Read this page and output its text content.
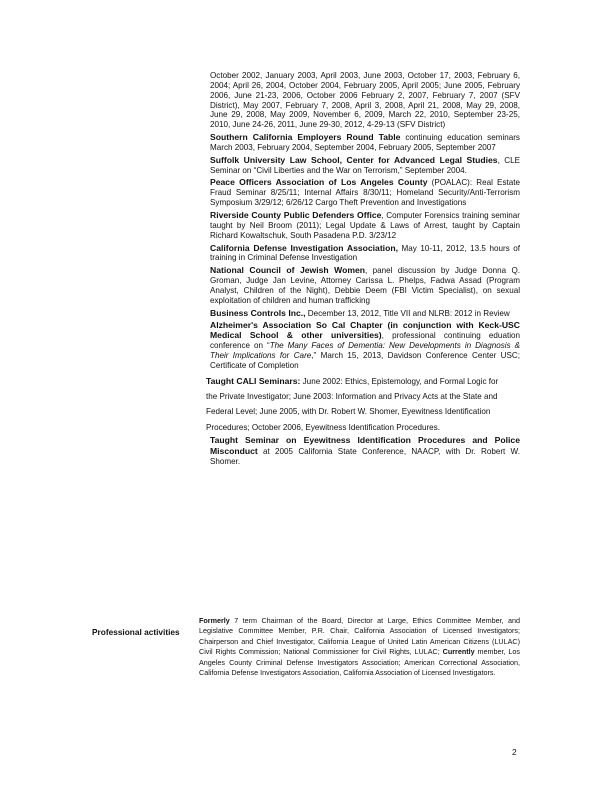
October 2002, January 2003, April 2003, June 2003, October 17, 2003, February 6, 2004; April 26, 2004, October 2004, February 2005, April 2005; June 2005, February 2006, June 21-23, 2006, October 2006 February 2, 2007, February 7, 2007 (SFV District), May 2007, February 7, 2008, April 3, 2008, April 21, 2008, May 29, 2008, June 29, 2008, May 2009, November 6, 2009, March 22, 2010, September 23-25, 2010, June 24-26, 2011, June 29-30, 2012, 4-29-13 (SFV District)
Southern California Employers Round Table continuing education seminars March 2003, February 2004, September 2004, February 2005, September 2007
Suffolk University Law School, Center for Advanced Legal Studies, CLE Seminar on “Civil Liberties and the War on Terrorism,” September 2004.
Peace Officers Association of Los Angeles County (POALAC): Real Estate Fraud Seminar 8/25/11; Internal Affairs 8/30/11; Homeland Security/Anti-Terrorism Symposium 3/29/12; 6/26/12 Cargo Theft Prevention and Investigations
Riverside County Public Defenders Office, Computer Forensics training seminar taught by Neil Broom (2011); Legal Update & Laws of Arrest, taught by Captain Richard Kowaltschuk, South Pasadena P.D. 3/23/12
California Defense Investigation Association, May 10-11, 2012, 13.5 hours of training in Criminal Defense Investigation
National Council of Jewish Women, panel discussion by Judge Donna Q. Groman, Judge Jan Levine, Attorney Carissa L. Phelps, Fadwa Assad (Program Analyst, Children of the Night), Debbie Deem (FBI Victim Specialist), on sexual exploitation of children and human trafficking
Business Controls Inc., December 13, 2012, Title VII and NLRB: 2012 in Review
Alzheimer's Association So Cal Chapter (in conjunction with Keck-USC Medical School & other universities), professional continuing eduation conference on “The Many Faces of Dementia: New Developments in Diagnosis & Their Implications for Care,” March 15, 2013, Davidson Conference Center USC; Certificate of Completion
Taught CALI Seminars: June 2002: Ethics, Epistemology, and Formal Logic for the Private Investigator; June 2003: Information and Privacy Acts at the State and Federal Level; June 2005, with Dr. Robert W. Shomer, Eyewitness Identification Procedures; October 2006, Eyewitness Identification Procedures.
Taught Seminar on Eyewitness Identification Procedures and Police Misconduct at 2005 California State Conference, NAACP, with Dr. Robert W. Shomer.
Professional activities
Formerly 7 term Chairman of the Board, Director at Large, Ethics Committee Member, and Legislative Committee Member, P.R. Chair, California Association of Licensed Investigators; Chairperson and Chief Investigator, California League of United Latin American Citizens (LULAC) Civil Rights Commission; National Commissioner for Civil Rights, LULAC; Currently member, Los Angeles County Criminal Defense Investigators Association; American Correctional Association, California Defense Investigators Association, California Association of Licensed Investigators.
2
